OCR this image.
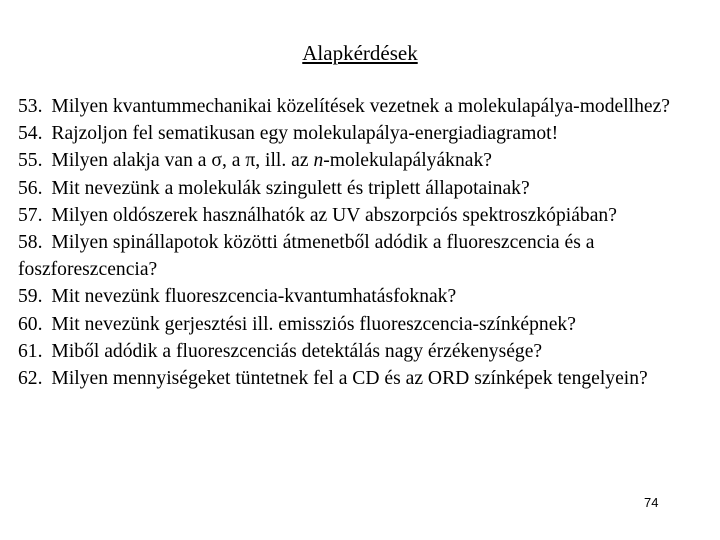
Alapkérdések
53. Milyen kvantummechanikai közelítések vezetnek a molekulapálya-modellhez?
54. Rajzoljon fel sematikusan egy molekulapálya-energiadiagramot!
55. Milyen alakja van a σ, a π, ill. az n-molekulapályáknak?
56. Mit nevezünk a molekulák szingulett és triplett állapotainak?
57. Milyen oldószerek használhatók az UV abszorpciós spektroszkópiában?
58. Milyen spinállapotok közötti átmenetből adódik a fluoreszcencia és a foszforeszcencia?
59. Mit nevezünk fluoreszcencia-kvantumhatásfoknak?
60. Mit nevezünk gerjesztési ill. emissziós fluoreszcencia-színképnek?
61. Miből adódik a fluoreszcenciás detektálás nagy érzékenysége?
62. Milyen mennyiségeket tüntetnek fel a CD és az ORD színképek tengelyein?
74
